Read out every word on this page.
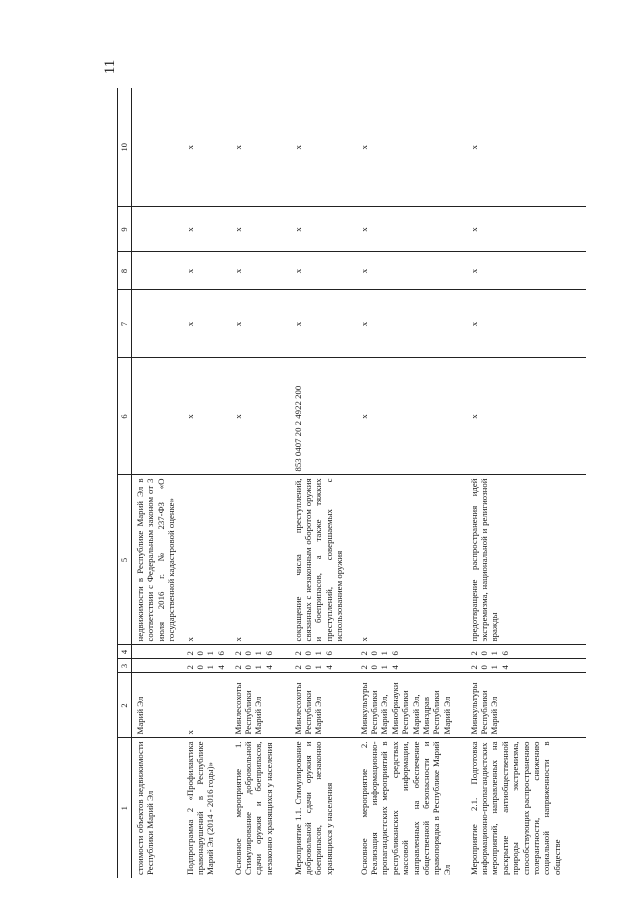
11
1	2	3	4	5	6	7	8	9	10
стоимости объектов недвижимости Республики Марий Эл	Марий Эл			недвижимости в Республике Марий Эл в соответствии с Федеральным законом от 3 июля 2016 г. № 237-ФЗ «О государственной кадастровой оценке»					
Подпрограмма 2 «Профилактика правонарушений в Республике Марий Эл (2014 - 2016 годы)»	x	2014	2016	x	x	x	x	x	x
Основное мероприятие 1. Стимулирование добровольной сдачи оружия и боеприпасов, незаконно хранящихся у населения	Минлесохоты Республики Марий Эл	2014	2016	x	x	x	x	x	x
Мероприятие 1.1. Стимулирование добровольной сдачи оружия и боеприпасов, незаконно хранящихся у населения	Минлесохоты Республики Марий Эл	2014	2016	сокращение числа преступлений, связанных с незаконным оборотом оружия и боеприпасов, а также тяжких преступлений, совершаемых с использованием оружия	853 0407 20 2 4922 200	x	x	x	x
Основное мероприятие 2. Реализация информационно-пропагандистских мероприятий в республиканских средствах массовой информации, направленных на обеспечение общественной безопасности и правопорядка в Республике Марий Эл	Минкультуры Республики Марий Эл, Минобрнауки Республики Марий Эл, Минздрав Республики Марий Эл	2014	2016	x	x	x	x	x	x
Мероприятие 2.1. Подготовка информационно-пропагандистских мероприятий, направленных на раскрытие антиобщественной природы экстремизма, способствующих распространению толерантности, снижению социальной напряженности в обществе	Минкультуры Республики Марий Эл	2014	2016	предотвращение распространения идей экстремизма, национальной и религиозной вражды	x	x	x	x	x
